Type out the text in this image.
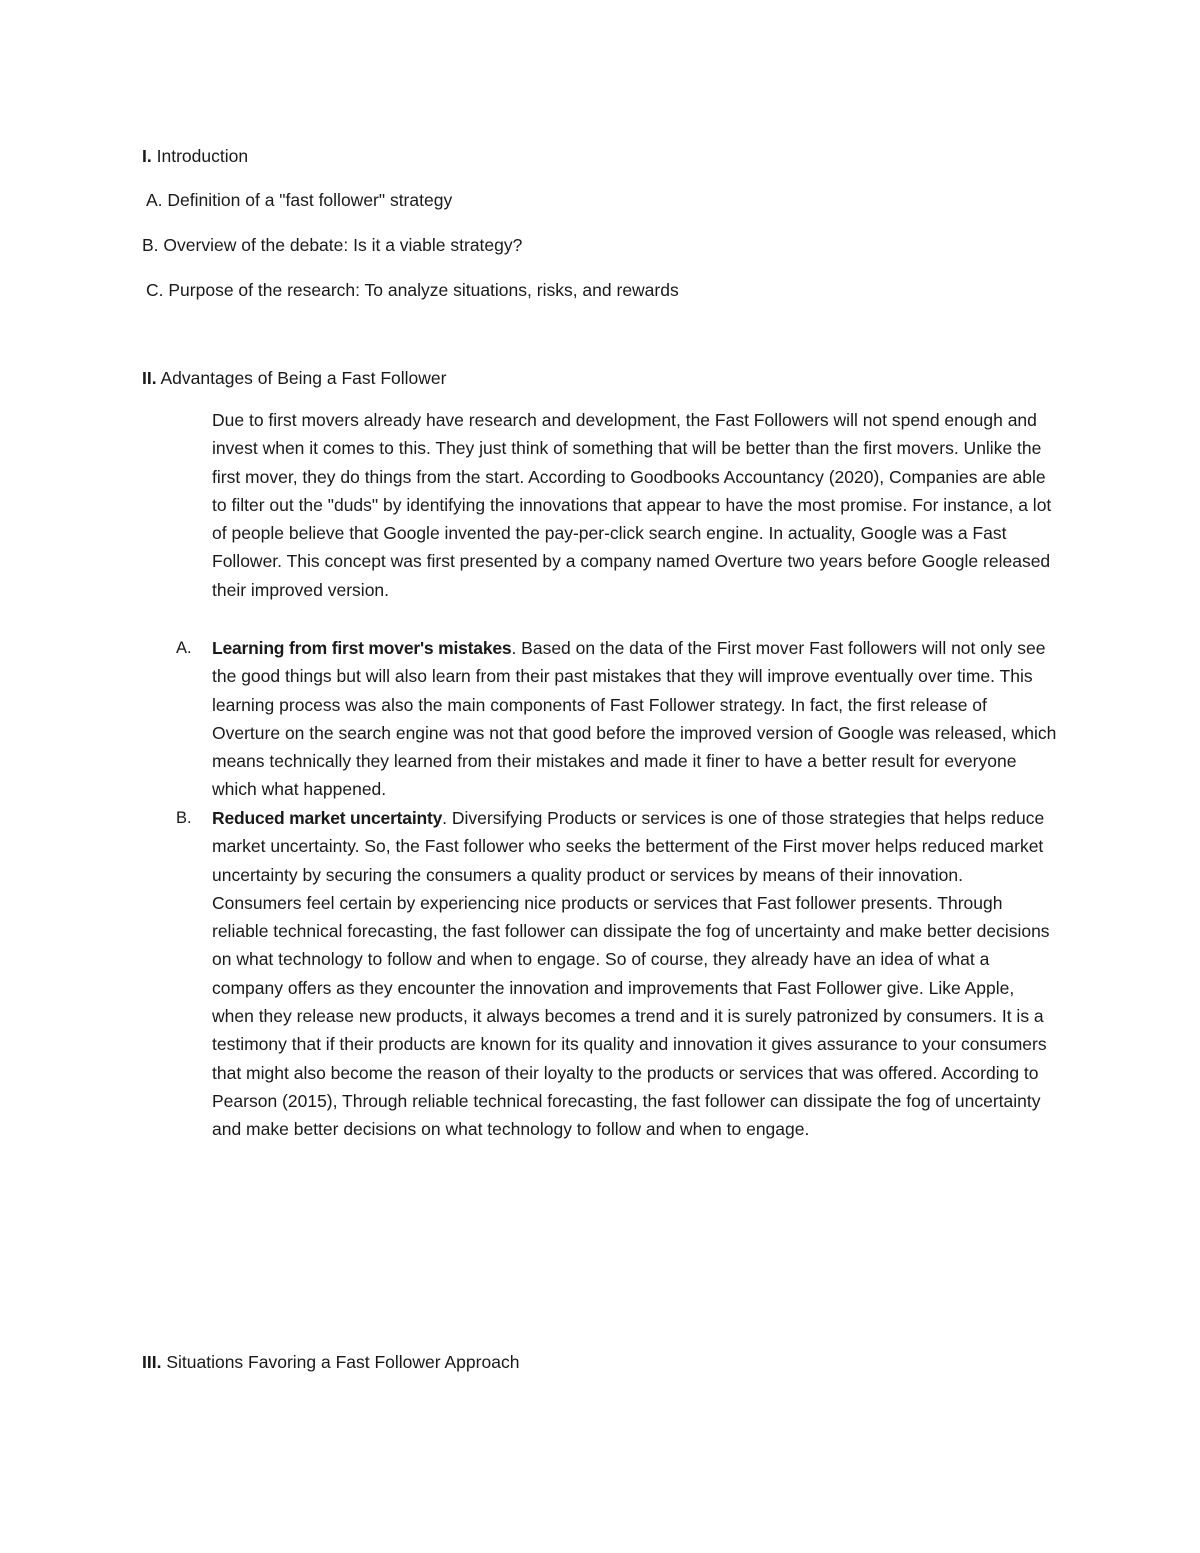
I. Introduction
A. Definition of a "fast follower" strategy
B. Overview of the debate: Is it a viable strategy?
C. Purpose of the research: To analyze situations, risks, and rewards
II. Advantages of Being a Fast Follower

Due to first movers already have research and development, the Fast Followers will not spend enough and invest when it comes to this. They just think of something that will be better than the first movers. Unlike the first mover, they do things from the start. According to Goodbooks Accountancy (2020), Companies are able to filter out the "duds" by identifying the innovations that appear to have the most promise. For instance, a lot of people believe that Google invented the pay-per-click search engine. In actuality, Google was a Fast Follower. This concept was first presented by a company named Overture two years before Google released their improved version.

A. Learning from first mover's mistakes. Based on the data of the First mover Fast followers will not only see the good things but will also learn from their past mistakes that they will improve eventually over time. This learning process was also the main components of Fast Follower strategy. In fact, the first release of Overture on the search engine was not that good before the improved version of Google was released, which means technically they learned from their mistakes and made it finer to have a better result for everyone which what happened.

B. Reduced market uncertainty. Diversifying Products or services is one of those strategies that helps reduce market uncertainty. So, the Fast follower who seeks the betterment of the First mover helps reduced market uncertainty by securing the consumers a quality product or services by means of their innovation. Consumers feel certain by experiencing nice products or services that Fast follower presents. Through reliable technical forecasting, the fast follower can dissipate the fog of uncertainty and make better decisions on what technology to follow and when to engage. So of course, they already have an idea of what a company offers as they encounter the innovation and improvements that Fast Follower give. Like Apple, when they release new products, it always becomes a trend and it is surely patronized by consumers. It is a testimony that if their products are known for its quality and innovation it gives assurance to your consumers that might also become the reason of their loyalty to the products or services that was offered. According to Pearson (2015), Through reliable technical forecasting, the fast follower can dissipate the fog of uncertainty and make better decisions on what technology to follow and when to engage.

III. Situations Favoring a Fast Follower Approach
